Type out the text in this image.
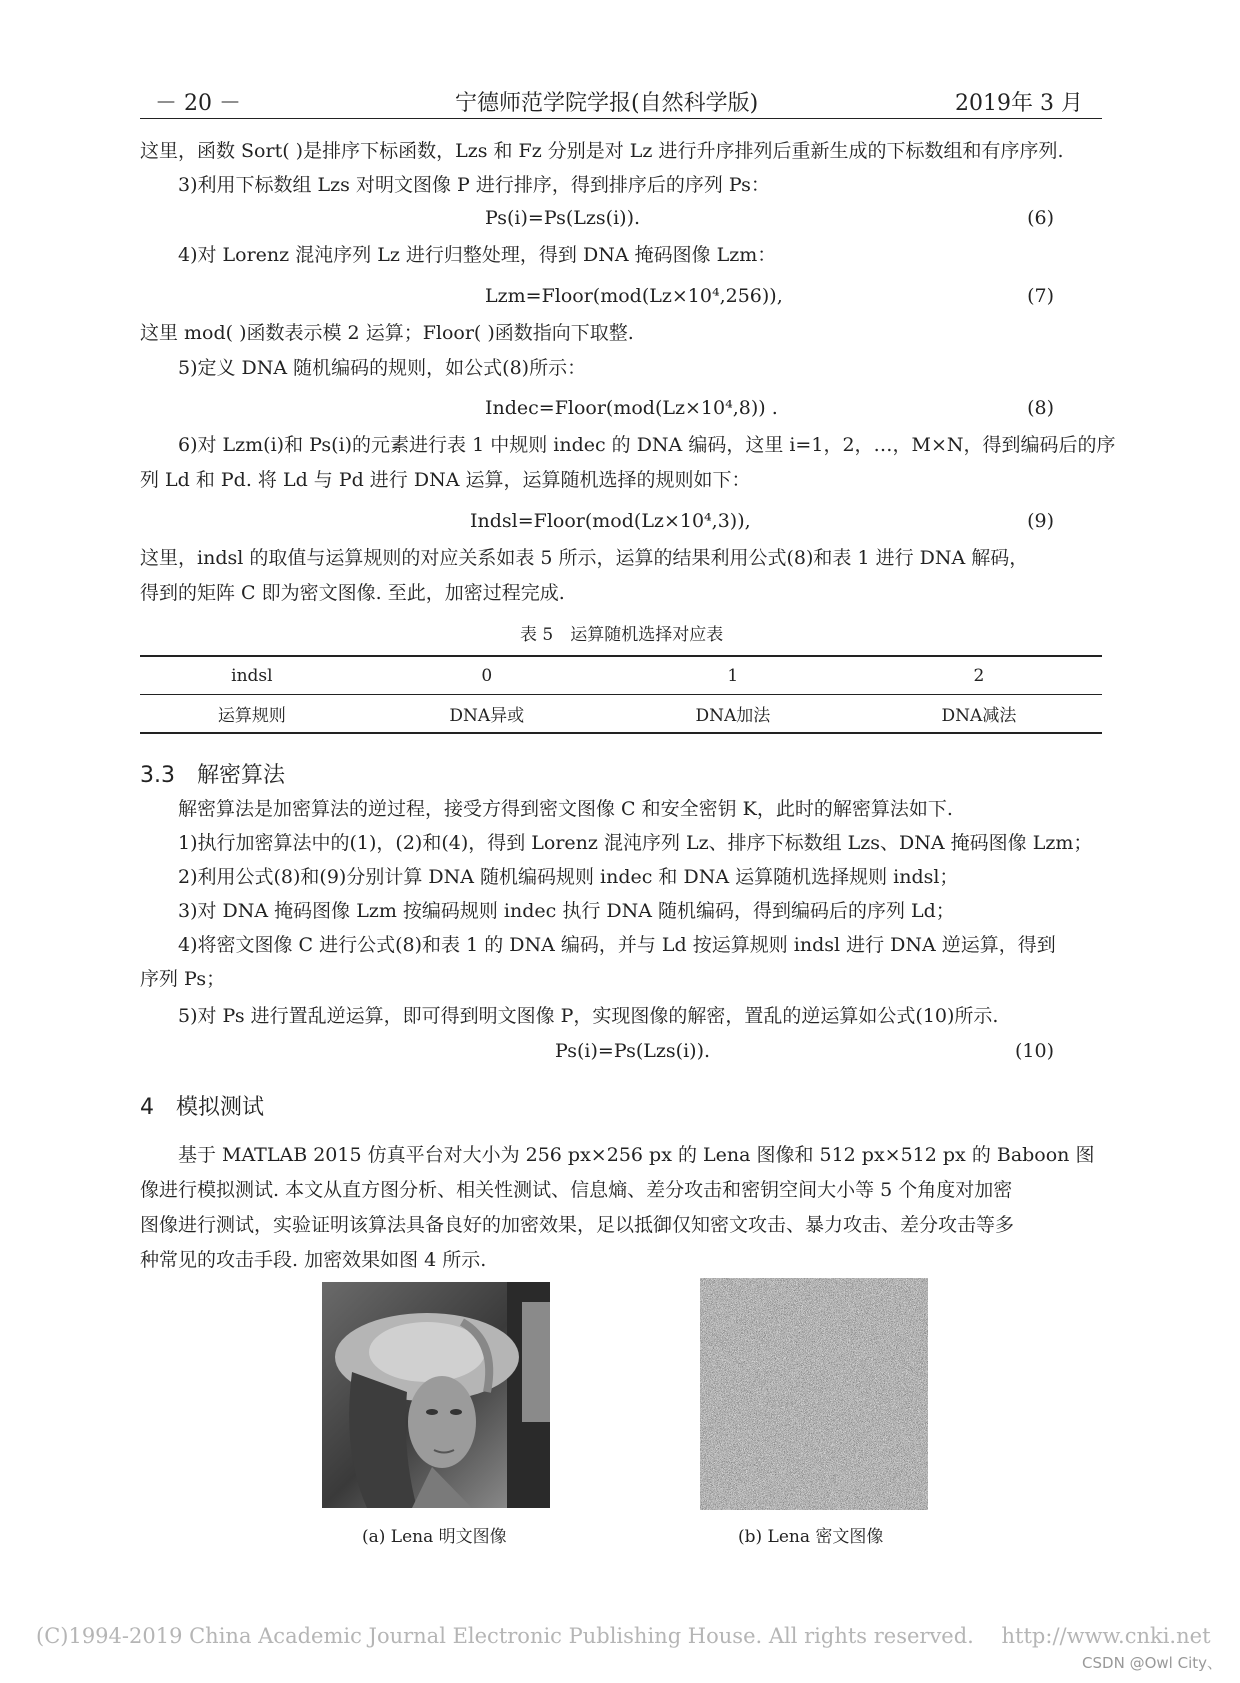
－ 20 －	宁德师范学院学报(自然科学版)	2019年 3 月
这里，函数 Sort( )是排序下标函数，Lzs 和 Fz 分别是对 Lz 进行升序排列后重新生成的下标数组和有序序列.
3)利用下标数组 Lzs 对明文图像 P 进行排序，得到排序后的序列 Ps：
Ps(i)=Ps(Lzs(i)).	(6)
4)对 Lorenz 混沌序列 Lz 进行归整处理，得到 DNA 掩码图像 Lzm：
Lzm=Floor(mod(Lz×10⁴,256)),	(7)
这里 mod( )函数表示模 2 运算；Floor( )函数指向下取整.
5)定义 DNA 随机编码的规则，如公式(8)所示：
Indec=Floor(mod(Lz×10⁴,8)) .	(8)
6)对 Lzm(i)和 Ps(i)的元素进行表 1 中规则 indec 的 DNA 编码，这里 i=1，2，…，M×N，得到编码后的序
列 Ld 和 Pd. 将 Ld 与 Pd 进行 DNA 运算，运算随机选择的规则如下：
Indsl=Floor(mod(Lz×10⁴,3)),	(9)
这里，indsl 的取值与运算规则的对应关系如表 5 所示，运算的结果利用公式(8)和表 1 进行 DNA 解码，
得到的矩阵 C 即为密文图像. 至此，加密过程完成.
表 5　运算随机选择对应表
indsl	0	1	2
运算规则	DNA异或	DNA加法	DNA减法
3.3　解密算法
解密算法是加密算法的逆过程，接受方得到密文图像 C 和安全密钥 K，此时的解密算法如下.
1)执行加密算法中的(1)，(2)和(4)，得到 Lorenz 混沌序列 Lz、排序下标数组 Lzs、DNA 掩码图像 Lzm；
2)利用公式(8)和(9)分别计算 DNA 随机编码规则 indec 和 DNA 运算随机选择规则 indsl；
3)对 DNA 掩码图像 Lzm 按编码规则 indec 执行 DNA 随机编码，得到编码后的序列 Ld；
4)将密文图像 C 进行公式(8)和表 1 的 DNA 编码，并与 Ld 按运算规则 indsl 进行 DNA 逆运算，得到
序列 Ps；
5)对 Ps 进行置乱逆运算，即可得到明文图像 P，实现图像的解密，置乱的逆运算如公式(10)所示.
Ps(i)=Ps(Lzs(i)).	(10)
4　模拟测试
基于 MATLAB 2015 仿真平台对大小为 256 px×256 px 的 Lena 图像和 512 px×512 px 的 Baboon 图
像进行模拟测试. 本文从直方图分析、相关性测试、信息熵、差分攻击和密钥空间大小等 5 个角度对加密
图像进行测试，实验证明该算法具备良好的加密效果，足以抵御仅知密文攻击、暴力攻击、差分攻击等多
种常见的攻击手段. 加密效果如图 4 所示.
(a) Lena 明文图像	(b) Lena 密文图像
(C)1994-2019 China Academic Journal Electronic Publishing House. All rights reserved.　 http://www.cnki.net
CSDN @Owl City、
